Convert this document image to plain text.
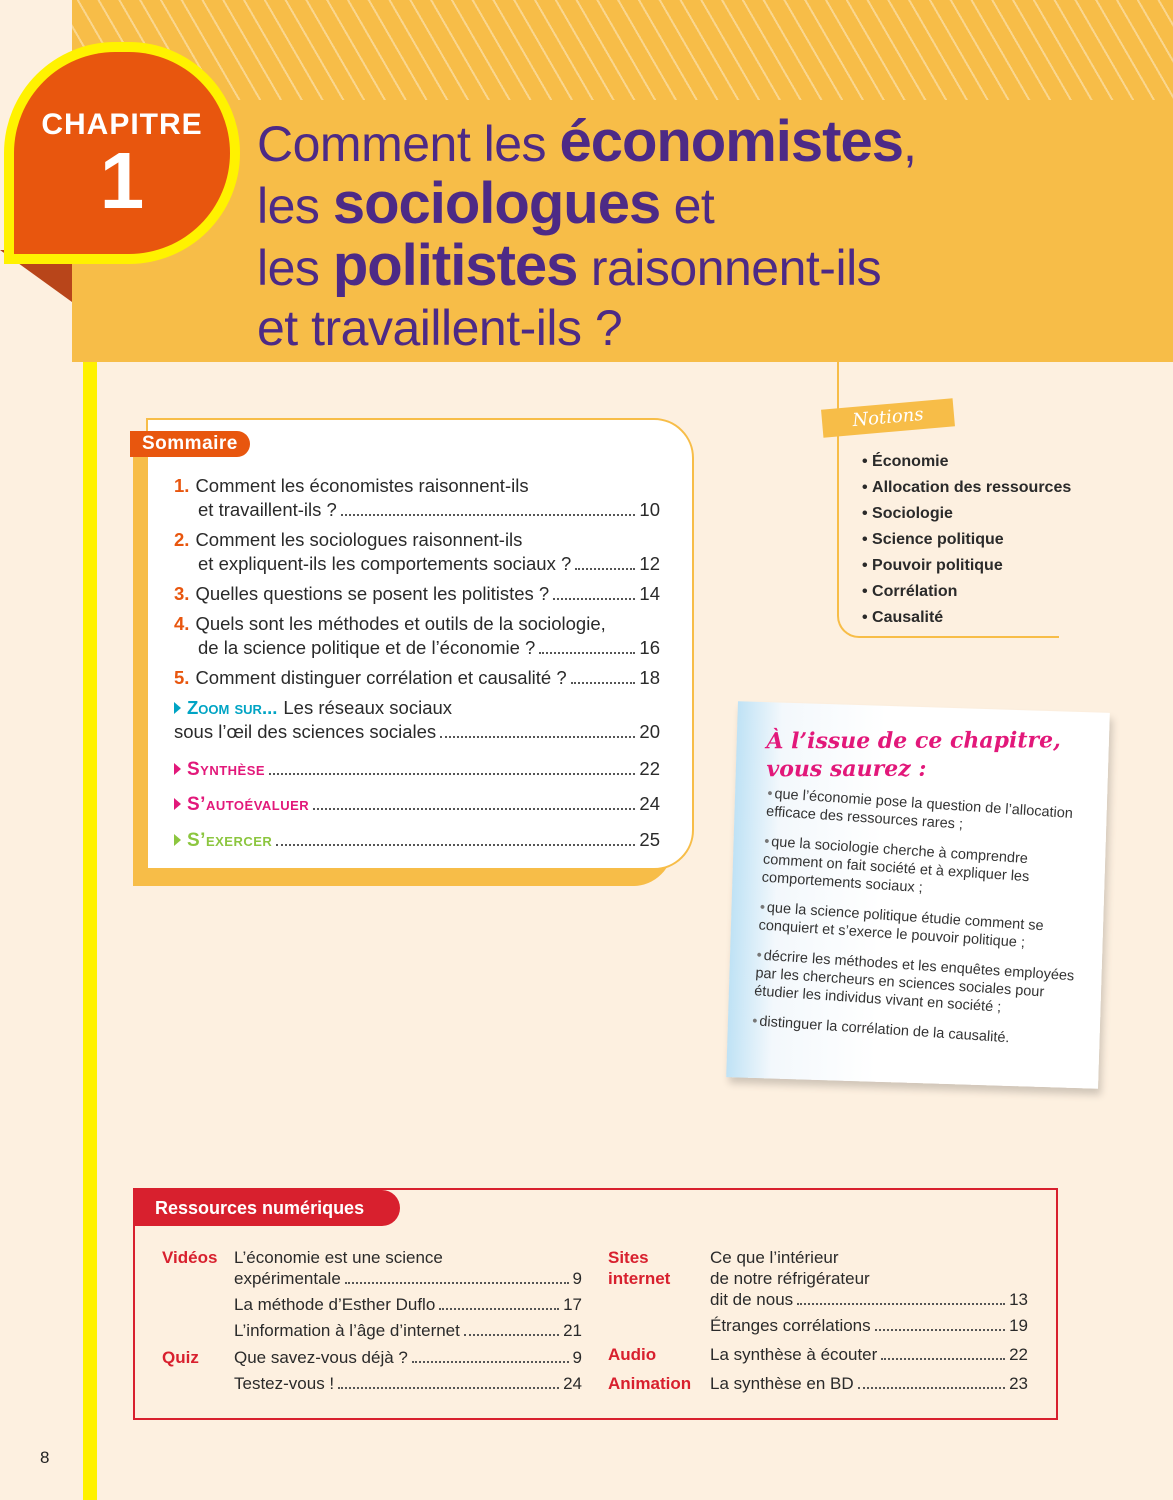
CHAPITRE
1	Comment les économistes,
les sociologues et
les politistes raisonnent-ils
et travaillent-ils ?
Sommaire
1. Comment les économistes raisonnent-ils
et travaillent-ils ?	10
2. Comment les sociologues raisonnent-ils
et expliquent-ils les comportements sociaux ?	12
3. Quelles questions se posent les politistes ?	14
4. Quels sont les méthodes et outils de la sociologie,
de la science politique et de l’économie ?	16
5. Comment distinguer corrélation et causalité ?	18
Zoom sur... Les réseaux sociaux
sous l’œil des sciences sociales	20
Synthèse	22
S’autoévaluer	24
S’exercer	25
Notions
• Économie
• Allocation des ressources
• Sociologie
• Science politique
• Pouvoir politique
• Corrélation
• Causalité
À l’issue de ce chapitre,
vous saurez :
• que l’économie pose la question de l’allocation efficace des ressources rares ;
• que la sociologie cherche à comprendre comment on fait société et à expliquer les comportements sociaux ;
• que la science politique étudie comment se conquiert et s’exerce le pouvoir politique ;
• décrire les méthodes et les enquêtes employées par les chercheurs en sciences sociales pour étudier les individus vivant en société ;
• distinguer la corrélation de la causalité.
Ressources numériques
Vidéos L’économie est une science
expérimentale	9
La méthode d’Esther Duflo	17
L’information à l’âge d’internet	21
Quiz Que savez-vous déjà ?	9
Testez-vous !	24
Sites
internet
Ce que l’intérieur
de notre réfrigérateur
dit de nous	13
Étranges corrélations	19
Audio	La synthèse à écouter	22
Animation La synthèse en BD	23
8
